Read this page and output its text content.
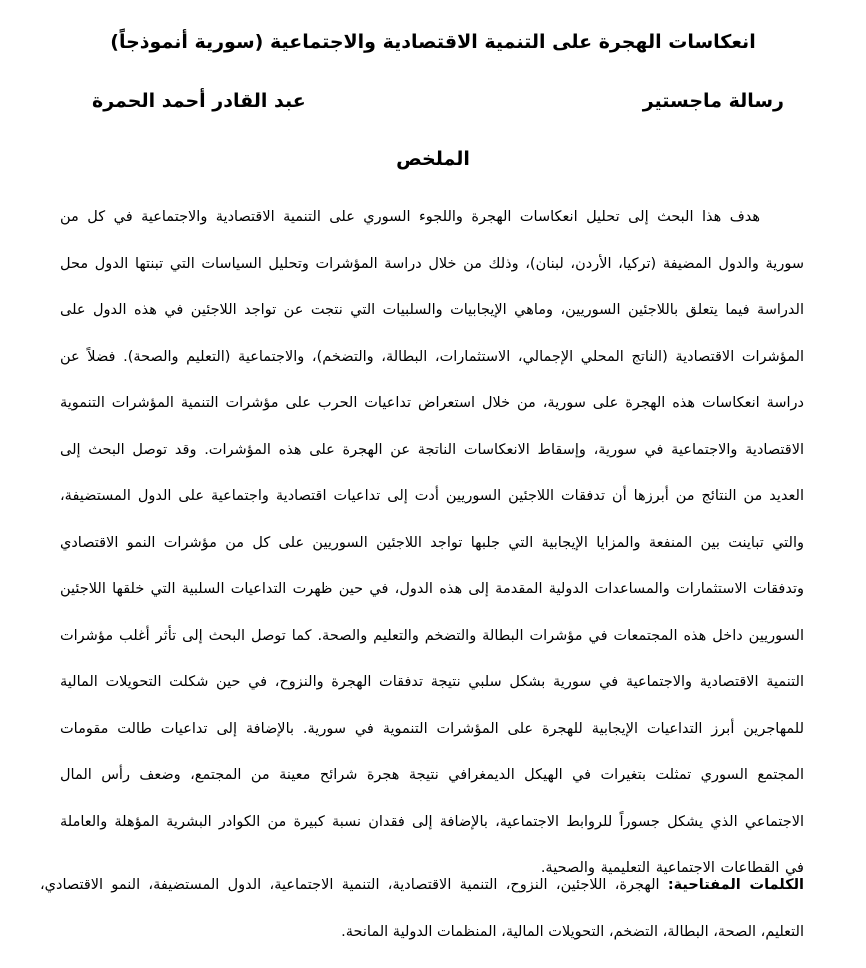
انعكاسات الهجرة على التنمية الاقتصادية والاجتماعية (سورية أنموذجاً)
رسالة ماجستير
عبد القادر أحمد الحمرة
الملخص

هدف هذا البحث إلى تحليل انعكاسات الهجرة واللجوء السوري على التنمية الاقتصادية والاجتماعية في كل من سورية والدول المضيفة (تركيا، الأردن، لبنان)، وذلك من خلال دراسة المؤشرات وتحليل السياسات التي تبنتها الدول محل الدراسة فيما يتعلق باللاجئين السوريين، وماهي الإيجابيات والسلبيات التي نتجت عن تواجد اللاجئين في هذه الدول على المؤشرات الاقتصادية (الناتج المحلي الإجمالي، الاستثمارات، البطالة، والتضخم)، والاجتماعية (التعليم والصحة). فضلاً عن دراسة انعكاسات هذه الهجرة على سورية، من خلال استعراض تداعيات الحرب على مؤشرات التنمية المؤشرات التنموية الاقتصادية والاجتماعية في سورية، وإسقاط الانعكاسات الناتجة عن الهجرة على هذه المؤشرات. وقد توصل البحث إلى العديد من النتائج من أبرزها أن تدفقات اللاجئين السوريين أدت إلى تداعيات اقتصادية واجتماعية على الدول المستضيفة، والتي تباينت بين المنفعة والمزايا الإيجابية التي جلبها تواجد اللاجئين السوريين على كل من مؤشرات النمو الاقتصادي وتدفقات الاستثمارات والمساعدات الدولية المقدمة إلى هذه الدول، في حين ظهرت التداعيات السلبية التي خلقها اللاجئين السوريين داخل هذه المجتمعات في مؤشرات البطالة والتضخم والتعليم والصحة. كما توصل البحث إلى تأثر أغلب مؤشرات التنمية الاقتصادية والاجتماعية في سورية بشكل سلبي نتيجة تدفقات الهجرة والنزوح، في حين شكلت التحويلات المالية للمهاجرين أبرز التداعيات الإيجابية للهجرة على المؤشرات التنموية في سورية. بالإضافة إلى تداعيات طالت مقومات المجتمع السوري تمثلت بتغيرات في الهيكل الديمغرافي نتيجة هجرة شرائح معينة من المجتمع، وضعف رأس المال الاجتماعي الذي يشكل جسوراً للروابط الاجتماعية، بالإضافة إلى فقدان نسبة كبيرة من الكوادر البشرية المؤهلة والعاملة في القطاعات الاجتماعية التعليمية والصحية.

الكلمات المفتاحية: الهجرة، اللاجئين، النزوح، التنمية الاقتصادية، التنمية الاجتماعية، الدول المستضيفة، النمو الاقتصادي، التعليم، الصحة، البطالة، التضخم، التحويلات المالية، المنظمات الدولية المانحة.
